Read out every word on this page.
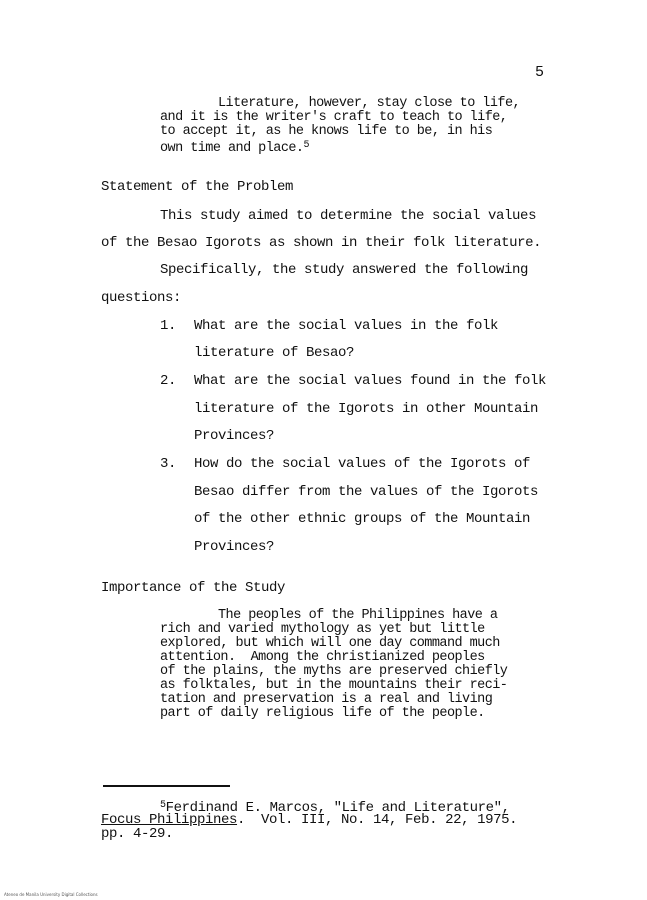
5
Literature, however, stay close to life,
and it is the writer's craft to teach to life,
to accept it, as he knows life to be, in his
own time and place.$^5$
Statement of the Problem
This study aimed to determine the social values
of the Besao Igorots as shown in their folk literature.
Specifically, the study answered the following
questions:
1. What are the social values in the folk
literature of Besao?
2. What are the social values found in the folk
literature of the Igorots in other Mountain
Provinces?
3. How do the social values of the Igorots of
Besao differ from the values of the Igorots
of the other ethnic groups of the Mountain
Provinces?
Importance of the Study
The peoples of the Philippines have a
rich and varied mythology as yet but little
explored, but which will one day command much
attention.  Among the christianized peoples
of the plains, the myths are preserved chiefly
as folktales, but in the mountains their reci-
tation and preservation is a real and living
part of daily religious life of the people.
$^5$Ferdinand E. Marcos, "Life and Literature",
Focus Philippines.  Vol. III, No. 14, Feb. 22, 1975.
pp. 4-29.
Ateneo de Manila University Digital Collections
